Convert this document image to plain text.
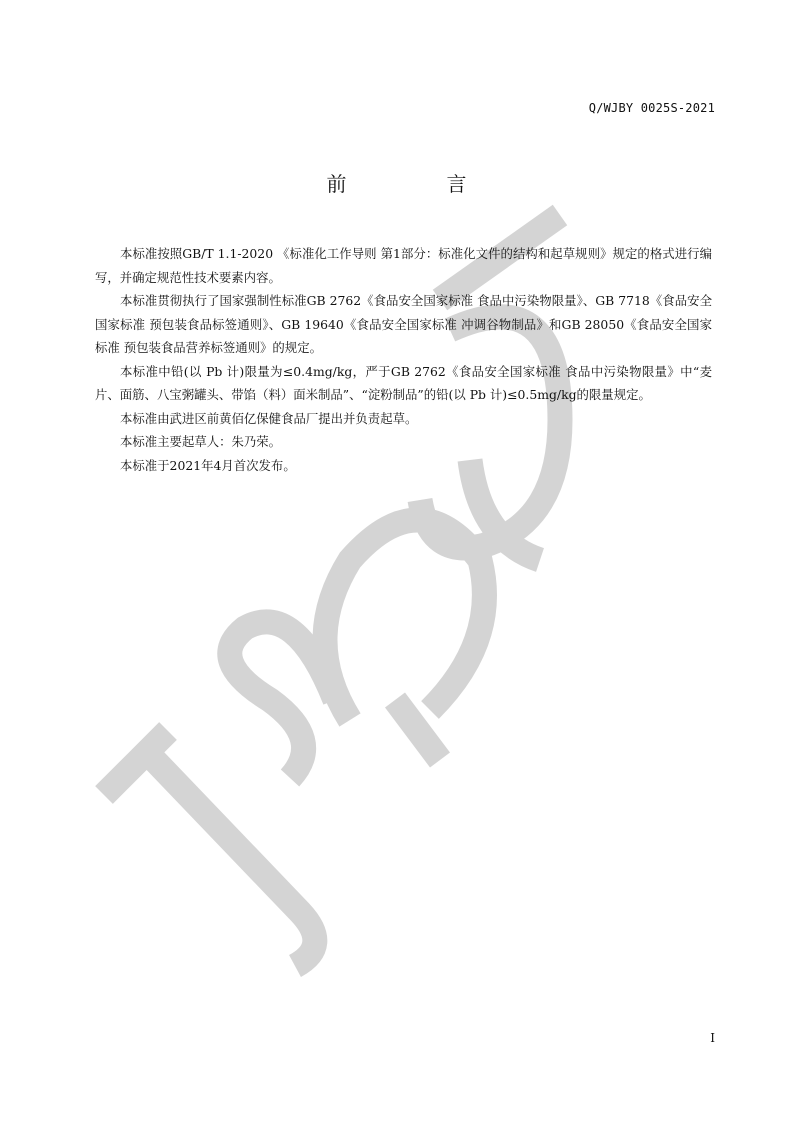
Q/WJBY 0025S-2021
前　言

本标准按照GB/T 1.1-2020 《标准化工作导则 第1部分：标准化文件的结构和起草规则》规定的格式进行编写，并确定规范性技术要素内容。

本标准贯彻执行了国家强制性标准GB 2762《食品安全国家标准 食品中污染物限量》、GB 7718《食品安全国家标准 预包装食品标签通则》、GB 19640《食品安全国家标准 冲调谷物制品》和GB 28050《食品安全国家标准 预包装食品营养标签通则》的规定。

本标准中铅(以 Pb 计)限量为≤0.4mg/kg，严于GB 2762《食品安全国家标准 食品中污染物限量》中“麦片、面筋、八宝粥罐头、带馅（料）面米制品”、“淀粉制品”的铅(以 Pb 计)≤0.5mg/kg的限量规定。

本标准由武进区前黄佰亿保健食品厂提出并负责起草。

本标准主要起草人：朱乃荣。

本标准于2021年4月首次发布。

I
